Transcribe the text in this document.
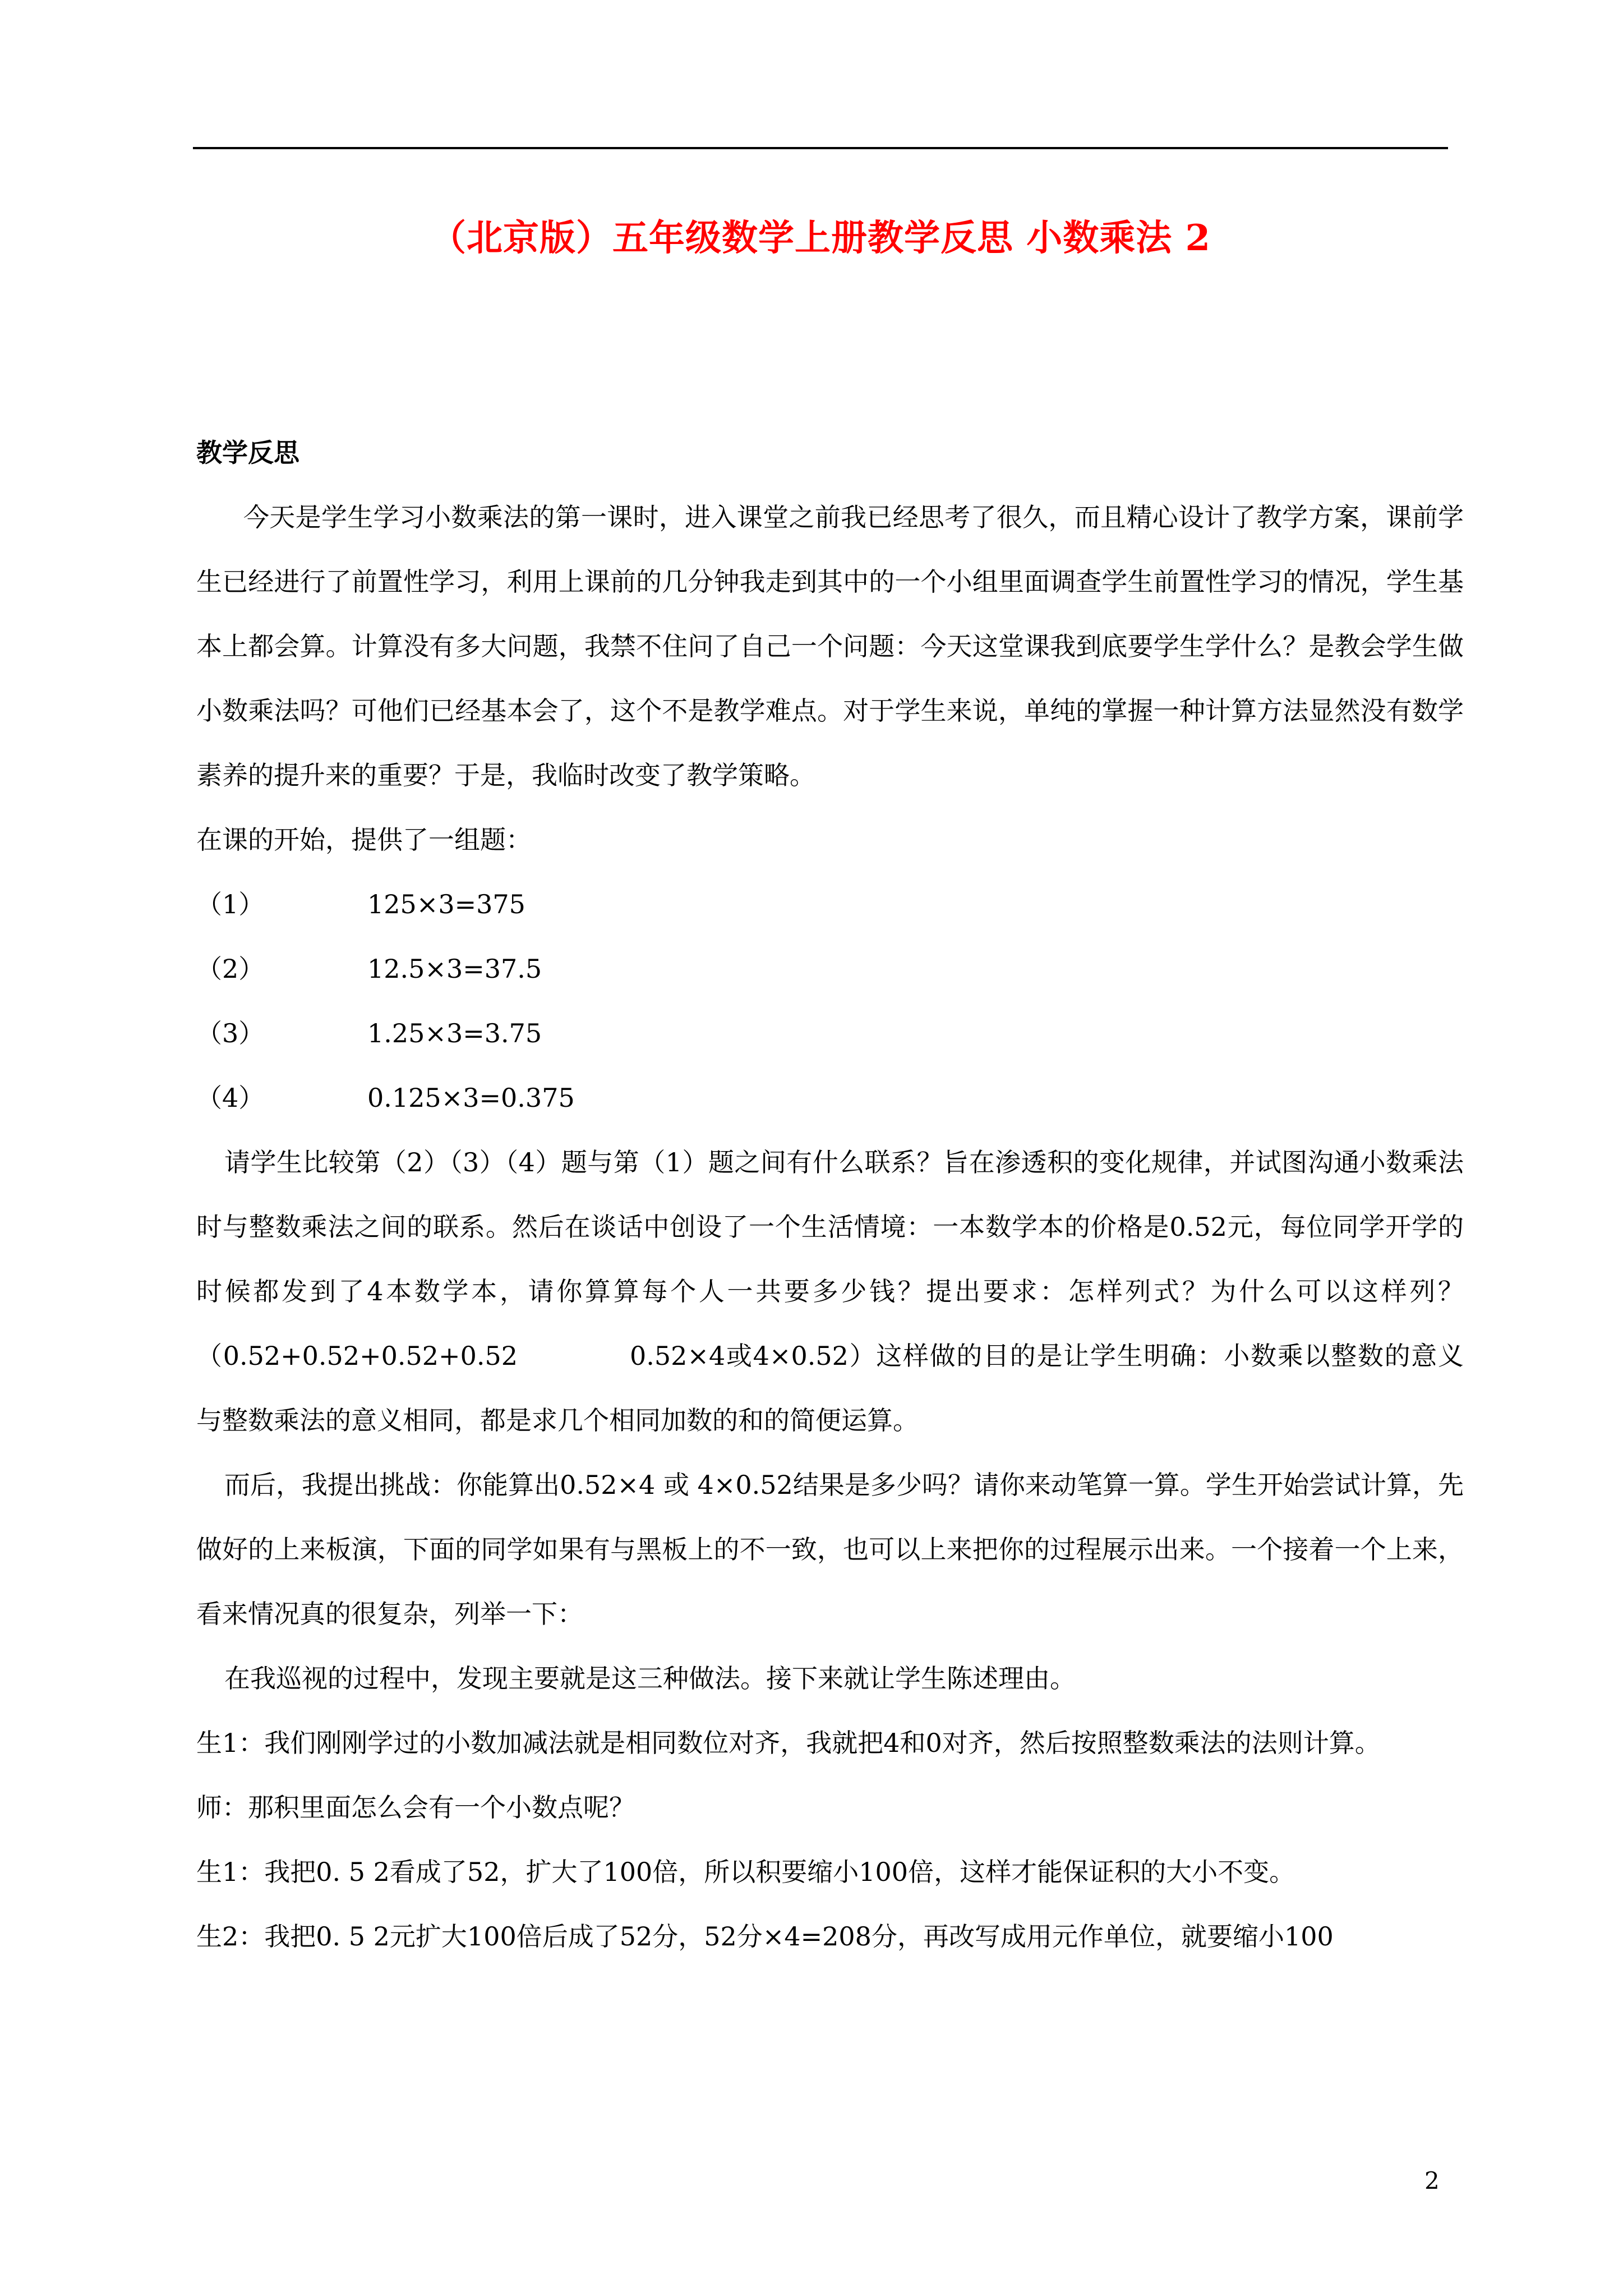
（北京版）五年级数学上册教学反思 小数乘法 2

教学反思

今天是学生学习小数乘法的第一课时，进入课堂之前我已经思考了很久，而且精心设计了教学方案，课前学生已经进行了前置性学习，利用上课前的几分钟我走到其中的一个小组里面调查学生前置性学习的情况，学生基本上都会算。计算没有多大问题，我禁不住问了自己一个问题：今天这堂课我到底要学生学什么？是教会学生做小数乘法吗？可他们已经基本会了，这个不是教学难点。对于学生来说，单纯的掌握一种计算方法显然没有数学素养的提升来的重要？于是，我临时改变了教学策略。

在课的开始，提供了一组题：

（1）	125×3=375
（2）	12.5×3=37.5
（3）	1.25×3=3.75
（4）	0.125×3=0.375

请学生比较第（2）（3）（4）题与第（1）题之间有什么联系？旨在渗透积的变化规律，并试图沟通小数乘法时与整数乘法之间的联系。然后在谈话中创设了一个生活情境：一本数学本的价格是0.52元，每位同学开学的时候都发到了4本数学本，请你算算每个人一共要多少钱？提出要求：怎样列式？为什么可以这样列？（0.52+0.52+0.52+0.52	0.52×4或4×0.52）这样做的目的是让学生明确：小数乘以整数的意义与整数乘法的意义相同，都是求几个相同加数的和的简便运算。

而后，我提出挑战：你能算出0.52×4 或 4×0.52结果是多少吗？请你来动笔算一算。学生开始尝试计算，先做好的上来板演，下面的同学如果有与黑板上的不一致，也可以上来把你的过程展示出来。一个接着一个上来，看来情况真的很复杂，列举一下：

在我巡视的过程中，发现主要就是这三种做法。接下来就让学生陈述理由。

生1：我们刚刚学过的小数加减法就是相同数位对齐，我就把4和0对齐，然后按照整数乘法的法则计算。

师：那积里面怎么会有一个小数点呢？

生1：我把0. 5 2看成了52，扩大了100倍，所以积要缩小100倍，这样才能保证积的大小不变。

生2：我把0. 5 2元扩大100倍后成了52分，52分×4=208分，再改写成用元作单位，就要缩小100

2
